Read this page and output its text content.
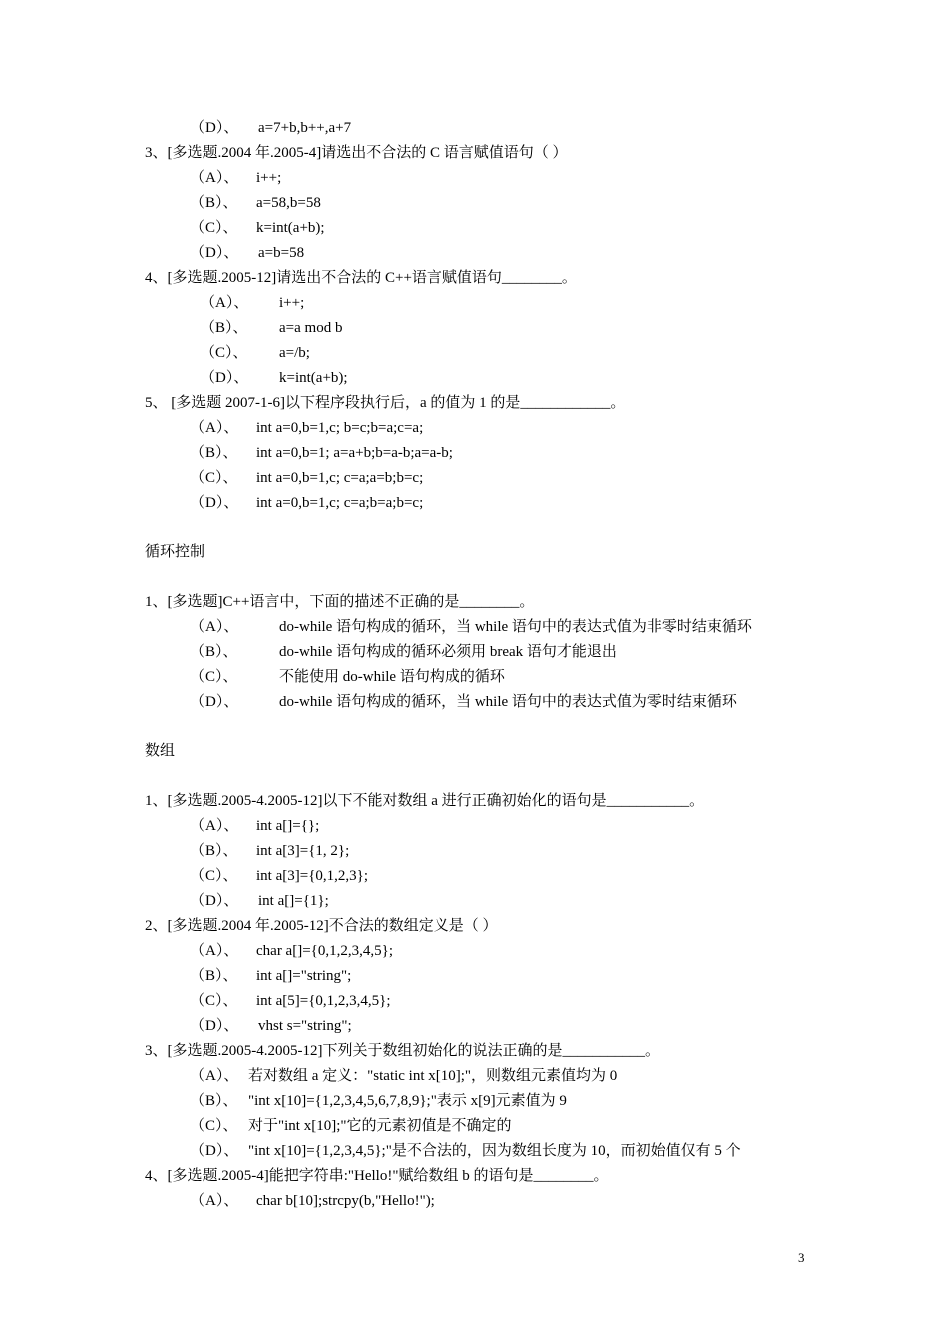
（D）、 a=7+b,b++,a+7
3、[多选题.2004 年.2005-4]请选出不合法的 C 语言赋值语句（ ）
（A）、 i++;
（B）、 a=58,b=58
（C）、 k=int(a+b);
（D）、 a=b=58
4、[多选题.2005-12]请选出不合法的 C++语言赋值语句________。
（A）、 i++;
（B）、 a=a mod b
（C）、 a=/b;
（D）、 k=int(a+b);
5、 [多选题 2007-1-6]以下程序段执行后，a 的值为 1 的是____________。
（A）、 int a=0,b=1,c; b=c;b=a;c=a;
（B）、 int a=0,b=1; a=a+b;b=a-b;a=a-b;
（C）、 int a=0,b=1,c; c=a;a=b;b=c;
（D）、 int a=0,b=1,c; c=a;b=a;b=c;
循环控制
1、[多选题]C++语言中，下面的描述不正确的是________。
（A）、	do-while 语句构成的循环，当 while 语句中的表达式值为非零时结束循环
（B）、	do-while 语句构成的循环必须用 break 语句才能退出
（C）、	不能使用 do-while 语句构成的循环
（D）、	do-while 语句构成的循环，当 while 语句中的表达式值为零时结束循环
数组
1、[多选题.2005-4.2005-12]以下不能对数组 a 进行正确初始化的语句是___________。
（A）、 int a[]={};
（B）、 int a[3]={1, 2};
（C）、 int a[3]={0,1,2,3};
（D）、 int a[]={1};
2、[多选题.2004 年.2005-12]不合法的数组定义是（ ）
（A）、 char a[]={0,1,2,3,4,5};
（B）、 int a[]="string";
（C）、 int a[5]={0,1,2,3,4,5};
（D）、 vhst s="string";
3、[多选题.2005-4.2005-12]下列关于数组初始化的说法正确的是___________。
（A）、 若对数组 a 定义："static int x[10];"，则数组元素值均为 0
（B）、 "int x[10]={1,2,3,4,5,6,7,8,9};"表示 x[9]元素值为 9
（C）、 对于"int x[10];"它的元素初值是不确定的
（D）、 "int x[10]={1,2,3,4,5};"是不合法的，因为数组长度为 10，而初始值仅有 5 个
4、[多选题.2005-4]能把字符串:"Hello!"赋给数组 b 的语句是________。
（A）、 char b[10];strcpy(b,"Hello!");
3
